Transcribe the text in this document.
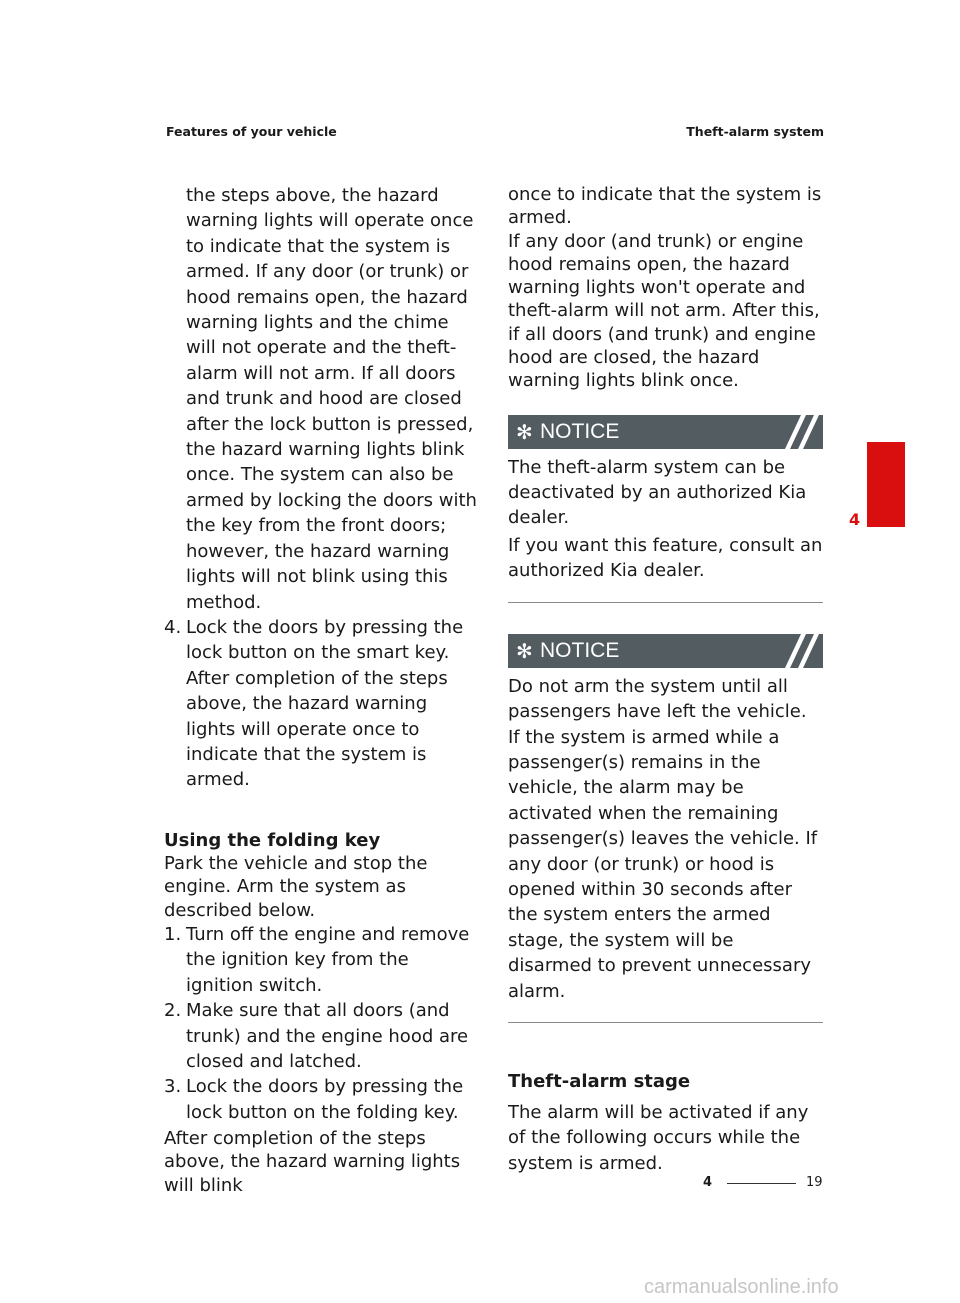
Features of your vehicle	Theft-alarm system

the steps above, the hazard warning lights will operate once to indicate that the system is armed. If any door (or trunk) or hood remains open, the hazard warning lights and the chime will not operate and the theft-alarm will not arm. If all doors and trunk and hood are closed after the lock button is pressed, the hazard warning lights blink once. The system can also be armed by locking the doors with the key from the front doors; however, the hazard warning lights will not blink using this method.

4. Lock the doors by pressing the lock button on the smart key. After completion of the steps above, the hazard warning lights will operate once to indicate that the system is armed.

Using the folding key

Park the vehicle and stop the engine. Arm the system as described below.

1. Turn off the engine and remove the ignition key from the ignition switch.
2. Make sure that all doors (and trunk) and the engine hood are closed and latched.
3. Lock the doors by pressing the lock button on the folding key.

After completion of the steps above, the hazard warning lights will blink

once to indicate that the system is armed.

If any door (and trunk) or engine hood remains open, the hazard warning lights won't operate and theft-alarm will not arm. After this, if all doors (and trunk) and engine hood are closed, the hazard warning lights blink once.

✻ NOTICE

The theft-alarm system can be deactivated by an authorized Kia dealer.

If you want this feature, consult an authorized Kia dealer.

✻ NOTICE

Do not arm the system until all passengers have left the vehicle. If the system is armed while a passenger(s) remains in the vehicle, the alarm may be activated when the remaining passenger(s) leaves the vehicle. If any door (or trunk) or hood is opened within 30 seconds after the system enters the armed stage, the system will be disarmed to prevent unnecessary alarm.

Theft-alarm stage

The alarm will be activated if any of the following occurs while the system is armed.

4
4	19
carmanualsonline.info
